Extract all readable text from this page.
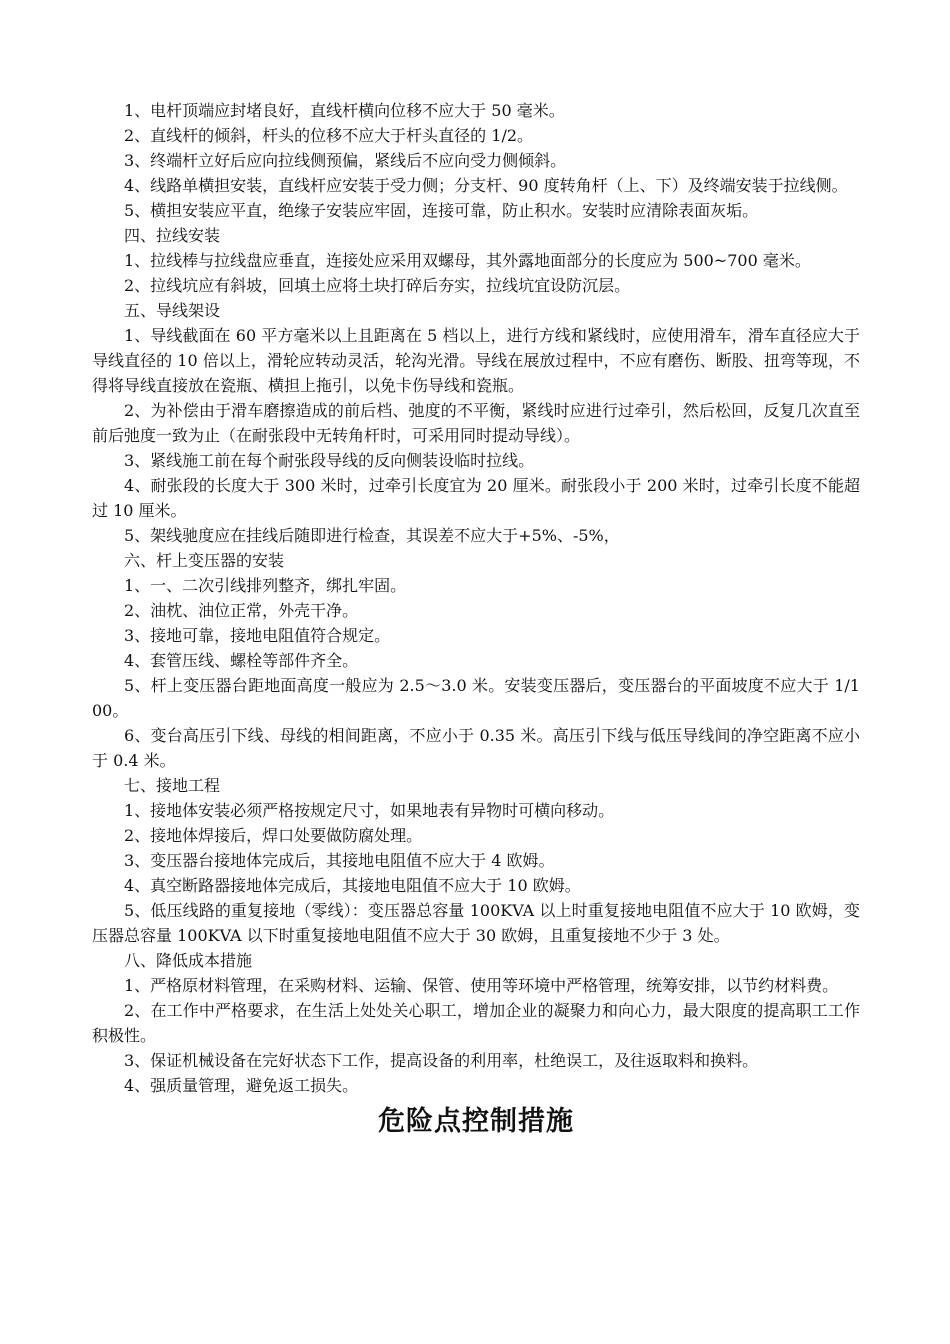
1、电杆顶端应封堵良好，直线杆横向位移不应大于 50 毫米。

2、直线杆的倾斜，杆头的位移不应大于杆头直径的 1/2。

3、终端杆立好后应向拉线侧预偏，紧线后不应向受力侧倾斜。

4、线路单横担安装，直线杆应安装于受力侧；分支杆、90 度转角杆（上、下）及终端安装于拉线侧。

5、横担安装应平直，绝缘子安装应牢固，连接可靠，防止积水。安装时应清除表面灰垢。

四、拉线安装

1、拉线棒与拉线盘应垂直，连接处应采用双螺母，其外露地面部分的长度应为 500~700 毫米。

2、拉线坑应有斜坡，回填土应将土块打碎后夯实，拉线坑宜设防沉层。

五、导线架设

1、导线截面在 60 平方毫米以上且距离在 5 档以上，进行方线和紧线时，应使用滑车，滑车直径应大于导线直径的 10 倍以上，滑轮应转动灵活，轮沟光滑。导线在展放过程中，不应有磨伤、断股、扭弯等现，不得将导线直接放在瓷瓶、横担上拖引，以免卡伤导线和瓷瓶。

2、为补偿由于滑车磨擦造成的前后档、弛度的不平衡，紧线时应进行过牵引，然后松回，反复几次直至前后弛度一致为止（在耐张段中无转角杆时，可采用同时提动导线）。

3、紧线施工前在每个耐张段导线的反向侧装设临时拉线。

4、耐张段的长度大于 300 米时，过牵引长度宜为 20 厘米。耐张段小于 200 米时，过牵引长度不能超过 10 厘米。

5、架线驰度应在挂线后随即进行检查，其误差不应大于+5%、-5%，

六、杆上变压器的安装

1、一、二次引线排列整齐，绑扎牢固。

2、油枕、油位正常，外壳干净。

3、接地可靠，接地电阻值符合规定。

4、套管压线、螺栓等部件齐全。

5、杆上变压器台距地面高度一般应为 2.5～3.0 米。安装变压器后，变压器台的平面坡度不应大于 1/100。

6、变台高压引下线、母线的相间距离，不应小于 0.35 米。高压引下线与低压导线间的净空距离不应小于 0.4 米。

七、接地工程

1、接地体安装必须严格按规定尺寸，如果地表有异物时可横向移动。

2、接地体焊接后，焊口处要做防腐处理。

3、变压器台接地体完成后，其接地电阻值不应大于 4 欧姆。

4、真空断路器接地体完成后，其接地电阻值不应大于 10 欧姆。

5、低压线路的重复接地（零线）：变压器总容量 100KVA 以上时重复接地电阻值不应大于 10 欧姆，变压器总容量 100KVA 以下时重复接地电阻值不应大于 30 欧姆，且重复接地不少于 3 处。

八、降低成本措施

1、严格原材料管理，在采购材料、运输、保管、使用等环境中严格管理，统筹安排，以节约材料费。

2、在工作中严格要求，在生活上处处关心职工，增加企业的凝聚力和向心力，最大限度的提高职工工作积极性。

3、保证机械设备在完好状态下工作，提高设备的利用率，杜绝误工，及往返取料和换料。

4、强质量管理，避免返工损失。

危险点控制措施
